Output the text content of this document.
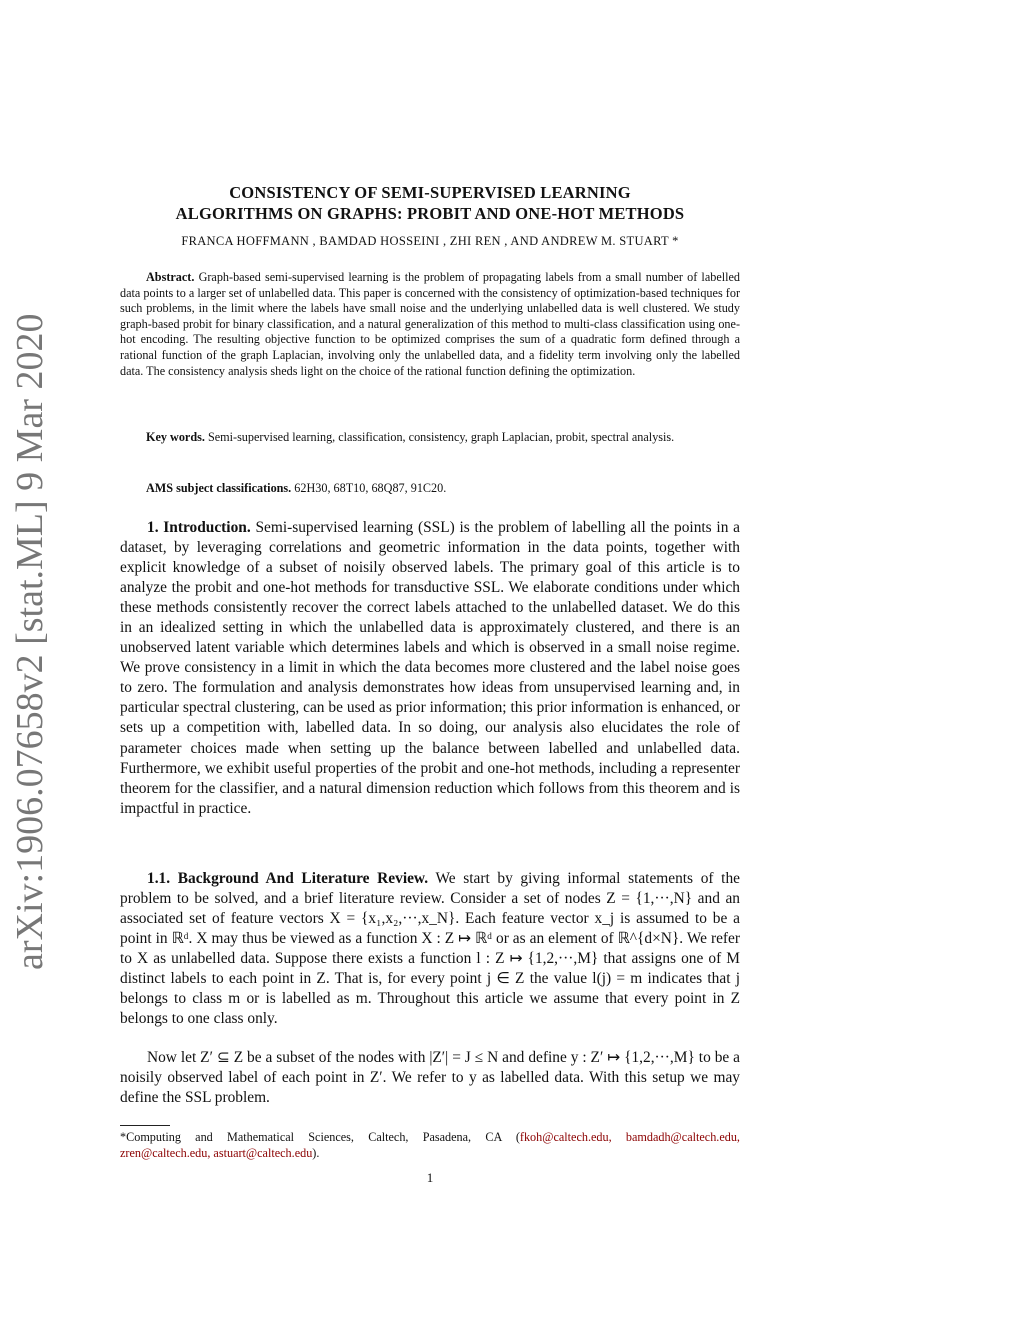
arXiv:1906.07658v2 [stat.ML] 9 Mar 2020
CONSISTENCY OF SEMI-SUPERVISED LEARNING
ALGORITHMS ON GRAPHS: PROBIT AND ONE-HOT METHODS
FRANCA HOFFMANN , BAMDAD HOSSEINI , ZHI REN , AND ANDREW M. STUART *
Abstract. Graph-based semi-supervised learning is the problem of propagating labels from a small number of labelled data points to a larger set of unlabelled data. This paper is concerned with the consistency of optimization-based techniques for such problems, in the limit where the labels have small noise and the underlying unlabelled data is well clustered. We study graph-based probit for binary classification, and a natural generalization of this method to multi-class classification using one-hot encoding. The resulting objective function to be optimized comprises the sum of a quadratic form defined through a rational function of the graph Laplacian, involving only the unlabelled data, and a fidelity term involving only the labelled data. The consistency analysis sheds light on the choice of the rational function defining the optimization.
Key words. Semi-supervised learning, classification, consistency, graph Laplacian, probit, spectral analysis.
AMS subject classifications. 62H30, 68T10, 68Q87, 91C20.
1. Introduction. Semi-supervised learning (SSL) is the problem of labelling all the points in a dataset, by leveraging correlations and geometric information in the data points, together with explicit knowledge of a subset of noisily observed labels. The primary goal of this article is to analyze the probit and one-hot methods for transductive SSL. We elaborate conditions under which these methods consistently recover the correct labels attached to the unlabelled dataset. We do this in an idealized setting in which the unlabelled data is approximately clustered, and there is an unobserved latent variable which determines labels and which is observed in a small noise regime. We prove consistency in a limit in which the data becomes more clustered and the label noise goes to zero. The formulation and analysis demonstrates how ideas from unsupervised learning and, in particular spectral clustering, can be used as prior information; this prior information is enhanced, or sets up a competition with, labelled data. In so doing, our analysis also elucidates the role of parameter choices made when setting up the balance between labelled and unlabelled data. Furthermore, we exhibit useful properties of the probit and one-hot methods, including a representer theorem for the classifier, and a natural dimension reduction which follows from this theorem and is impactful in practice.
1.1. Background And Literature Review. We start by giving informal statements of the problem to be solved, and a brief literature review. Consider a set of nodes Z = {1,···,N} and an associated set of feature vectors X = {x₁,x₂,···,x_N}. Each feature vector x_j is assumed to be a point in ℝᵈ. X may thus be viewed as a function X : Z ↦ ℝᵈ or as an element of ℝ^{d×N}. We refer to X as unlabelled data. Suppose there exists a function l : Z ↦ {1,2,···,M} that assigns one of M distinct labels to each point in Z. That is, for every point j ∈ Z the value l(j) = m indicates that j belongs to class m or is labelled as m. Throughout this article we assume that every point in Z belongs to one class only.
Now let Z′ ⊆ Z be a subset of the nodes with |Z′| = J ≤ N and define y : Z′ ↦ {1,2,···,M} to be a noisily observed label of each point in Z′. We refer to y as labelled data. With this setup we may define the SSL problem.
*Computing and Mathematical Sciences, Caltech, Pasadena, CA (fkoh@caltech.edu, bamdadh@caltech.edu, zren@caltech.edu, astuart@caltech.edu).
1
